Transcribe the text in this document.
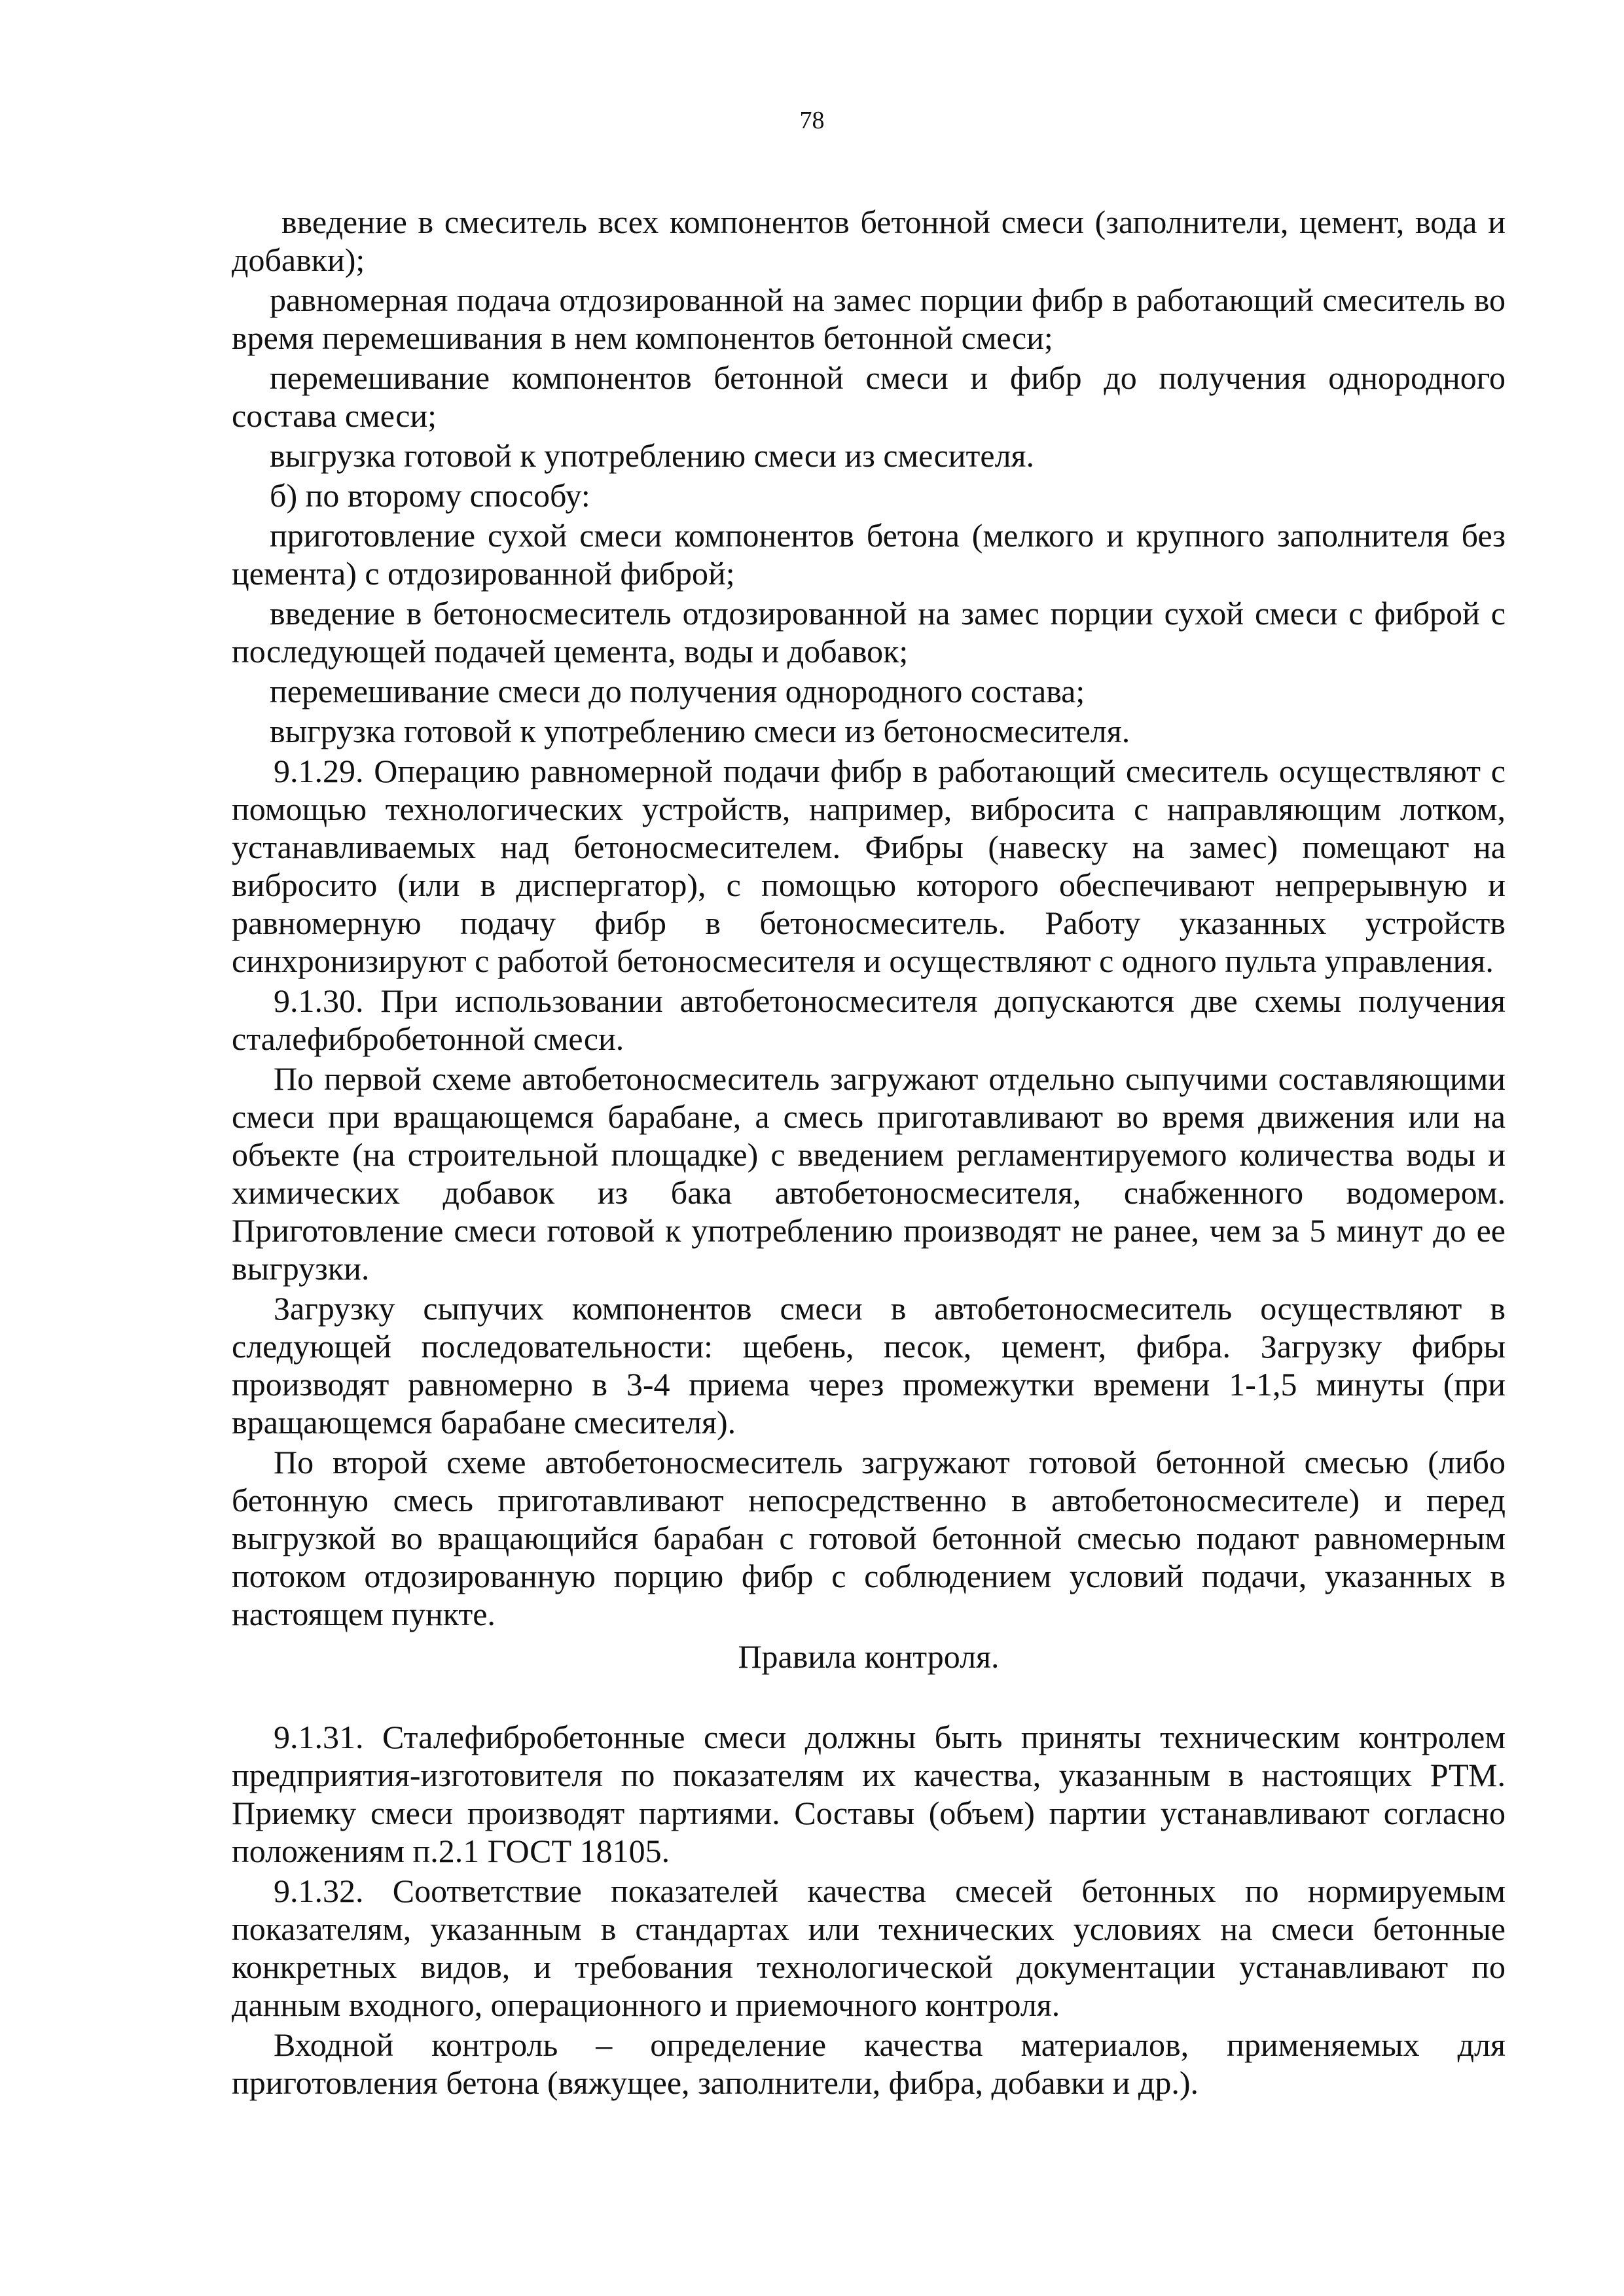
78

введение в смеситель всех компонентов бетонной смеси (заполнители, цемент, вода и добавки);

равномерная подача отдозированной на замес порции фибр в работающий смеситель во время перемешивания в нем компонентов бетонной смеси;

перемешивание компонентов бетонной смеси и фибр до получения однородного состава смеси;

выгрузка готовой к употреблению смеси из смесителя.

б) по второму способу:

приготовление сухой смеси компонентов бетона (мелкого и крупного заполнителя без цемента) с отдозированной фиброй;

введение в бетоносмеситель отдозированной на замес порции сухой смеси с фиброй с последующей подачей цемента, воды и добавок;

перемешивание смеси до получения однородного состава;

выгрузка готовой к употреблению смеси из бетоносмесителя.

9.1.29. Операцию равномерной подачи фибр в работающий смеситель осуществляют с помощью технологических устройств, например, вибросита с направляющим лотком, устанавливаемых над бетоносмесителем. Фибры (навеску на замес) помещают на вибросито (или в диспергатор), с помощью которого обеспечивают непрерывную и равномерную подачу фибр в бетоносмеситель. Работу указанных устройств синхронизируют с работой бетоносмесителя и осуществляют с одного пульта управления.

9.1.30. При использовании автобетоносмесителя допускаются две схемы получения сталефибробетонной смеси.

По первой схеме автобетоносмеситель загружают отдельно сыпучими составляющими смеси при вращающемся барабане, а смесь приготавливают во время движения или на объекте (на строительной площадке) с введением регламентируемого количества воды и химических добавок из бака автобетоносмесителя, снабженного водомером. Приготовление смеси готовой к употреблению производят не ранее, чем за 5 минут до ее выгрузки.

Загрузку сыпучих компонентов смеси в автобетоносмеситель осуществляют в следующей последовательности: щебень, песок, цемент, фибра. Загрузку фибры производят равномерно в 3-4 приема через промежутки времени 1-1,5 минуты (при вращающемся барабане смесителя).

По второй схеме автобетоносмеситель загружают готовой бетонной смесью (либо бетонную смесь приготавливают непосредственно в автобетоносмесителе) и перед выгрузкой во вращающийся барабан с готовой бетонной смесью подают равномерным потоком отдозированную порцию фибр с соблюдением условий подачи, указанных в настоящем пункте.

Правила контроля.

9.1.31. Сталефибробетонные смеси должны быть приняты техническим контролем предприятия-изготовителя по показателям их качества, указанным в настоящих РТМ. Приемку смеси производят партиями. Составы (объем) партии устанавливают согласно положениям п.2.1 ГОСТ 18105.

9.1.32. Соответствие показателей качества смесей бетонных по нормируемым показателям, указанным в стандартах или технических условиях на смеси бетонные конкретных видов, и требования технологической документации устанавливают по данным входного, операционного и приемочного контроля.

Входной контроль – определение качества материалов, применяемых для приготовления бетона (вяжущее, заполнители, фибра, добавки и др.).
